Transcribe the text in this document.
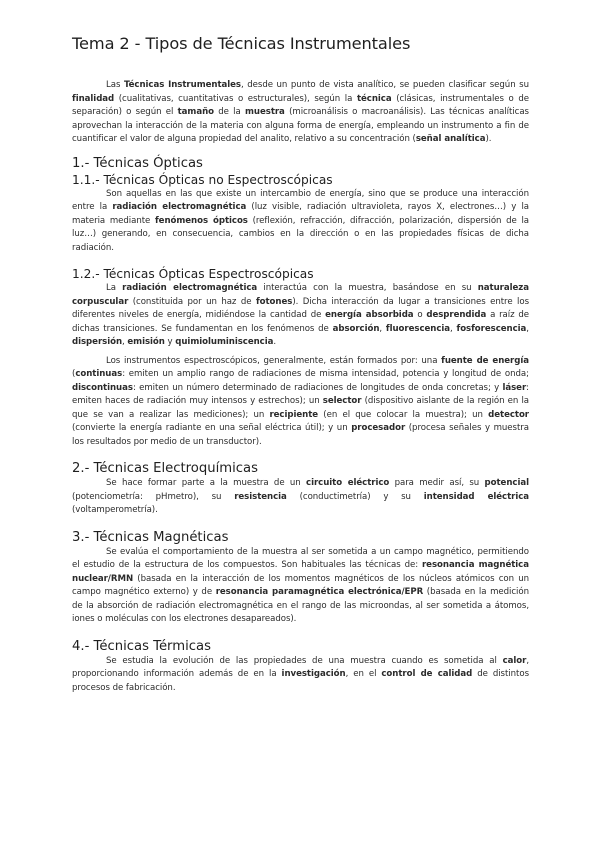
Tema 2 - Tipos de Técnicas Instrumentales

Las Técnicas Instrumentales, desde un punto de vista analítico, se pueden clasificar según su finalidad (cualitativas, cuantitativas o estructurales), según la técnica (clásicas, instrumentales o de separación) o según el tamaño de la muestra (microanálisis o macroanálisis). Las técnicas analíticas aprovechan la interacción de la materia con alguna forma de energía, empleando un instrumento a fin de cuantificar el valor de alguna propiedad del analito, relativo a su concentración (señal analítica).

1.- Técnicas Ópticas
1.1.- Técnicas Ópticas no Espectroscópicas

Son aquellas en las que existe un intercambio de energía, sino que se produce una interacción entre la radiación electromagnética (luz visible, radiación ultravioleta, rayos X, electrones…) y la materia mediante fenómenos ópticos (reflexión, refracción, difracción, polarización, dispersión de la luz…) generando, en consecuencia, cambios en la dirección o en las propiedades físicas de dicha radiación.

1.2.- Técnicas Ópticas Espectroscópicas

La radiación electromagnética interactúa con la muestra, basándose en su naturaleza corpuscular (constituida por un haz de fotones). Dicha interacción da lugar a transiciones entre los diferentes niveles de energía, midiéndose la cantidad de energía absorbida o desprendida a raíz de dichas transiciones. Se fundamentan en los fenómenos de absorción, fluorescencia, fosforescencia, dispersión, emisión y quimioluminiscencia.

Los instrumentos espectroscópicos, generalmente, están formados por: una fuente de energía (continuas: emiten un amplio rango de radiaciones de misma intensidad, potencia y longitud de onda; discontinuas: emiten un número determinado de radiaciones de longitudes de onda concretas; y láser: emiten haces de radiación muy intensos y estrechos); un selector (dispositivo aislante de la región en la que se van a realizar las mediciones); un recipiente (en el que colocar la muestra); un detector (convierte la energía radiante en una señal eléctrica útil); y un procesador (procesa señales y muestra los resultados por medio de un transductor).

2.- Técnicas Electroquímicas

Se hace formar parte a la muestra de un circuito eléctrico para medir así, su potencial (potenciometría: pHmetro), su resistencia (conductimetría) y su intensidad eléctrica (voltamperometría).

3.- Técnicas Magnéticas

Se evalúa el comportamiento de la muestra al ser sometida a un campo magnético, permitiendo el estudio de la estructura de los compuestos. Son habituales las técnicas de: resonancia magnética nuclear/RMN (basada en la interacción de los momentos magnéticos de los núcleos atómicos con un campo magnético externo) y de resonancia paramagnética electrónica/EPR (basada en la medición de la absorción de radiación electromagnética en el rango de las microondas, al ser sometida a átomos, iones o moléculas con los electrones desapareados).

4.- Técnicas Térmicas

Se estudia la evolución de las propiedades de una muestra cuando es sometida al calor, proporcionando información además de en la investigación, en el control de calidad de distintos procesos de fabricación.
